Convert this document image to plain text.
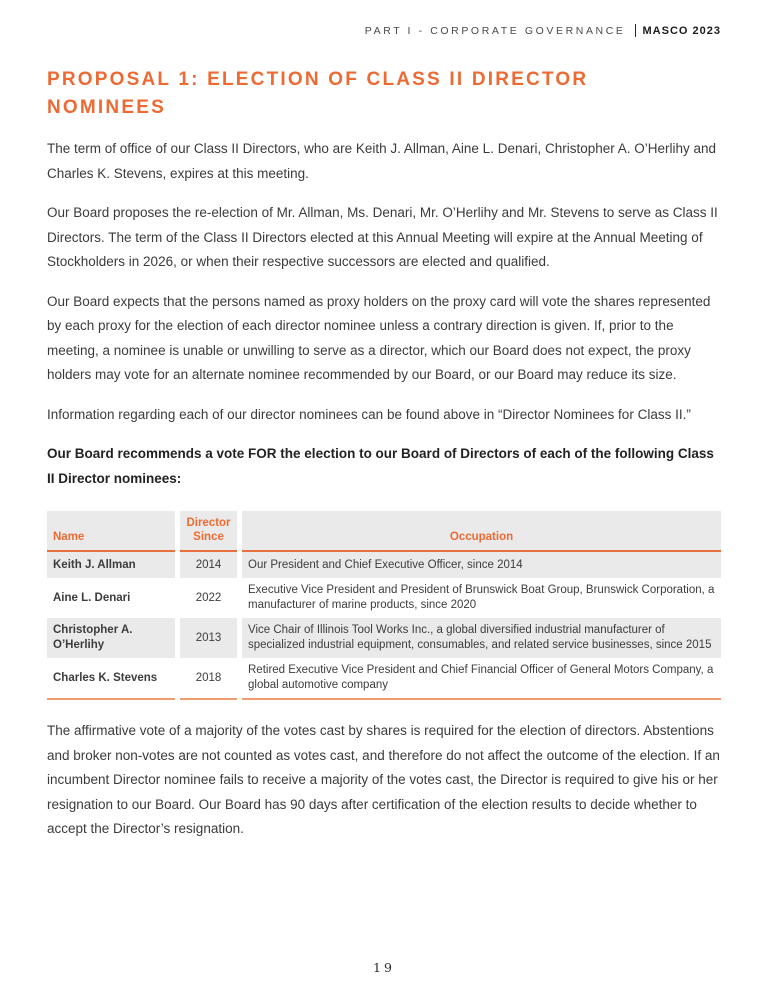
PART I - CORPORATE GOVERNANCE MASCO 2023
PROPOSAL 1: ELECTION OF CLASS II DIRECTOR NOMINEES

The term of office of our Class II Directors, who are Keith J. Allman, Aine L. Denari, Christopher A. O’Herlihy and Charles K. Stevens, expires at this meeting.

Our Board proposes the re-election of Mr. Allman, Ms. Denari, Mr. O’Herlihy and Mr. Stevens to serve as Class II Directors. The term of the Class II Directors elected at this Annual Meeting will expire at the Annual Meeting of Stockholders in 2026, or when their respective successors are elected and qualified.

Our Board expects that the persons named as proxy holders on the proxy card will vote the shares represented by each proxy for the election of each director nominee unless a contrary direction is given. If, prior to the meeting, a nominee is unable or unwilling to serve as a director, which our Board does not expect, the proxy holders may vote for an alternate nominee recommended by our Board, or our Board may reduce its size.

Information regarding each of our director nominees can be found above in “Director Nominees for Class II.”

Our Board recommends a vote FOR the election to our Board of Directors of each of the following Class II Director nominees:

Name	Director Since	Occupation
Keith J. Allman	2014	Our President and Chief Executive Officer, since 2014
Aine L. Denari	2022	Executive Vice President and President of Brunswick Boat Group, Brunswick Corporation, a manufacturer of marine products, since 2020
Christopher A. O’Herlihy	2013	Vice Chair of Illinois Tool Works Inc., a global diversified industrial manufacturer of specialized industrial equipment, consumables, and related service businesses, since 2015
Charles K. Stevens	2018	Retired Executive Vice President and Chief Financial Officer of General Motors Company, a global automotive company

The affirmative vote of a majority of the votes cast by shares is required for the election of directors. Abstentions and broker non-votes are not counted as votes cast, and therefore do not affect the outcome of the election. If an incumbent Director nominee fails to receive a majority of the votes cast, the Director is required to give his or her resignation to our Board. Our Board has 90 days after certification of the election results to decide whether to accept the Director’s resignation.

19
